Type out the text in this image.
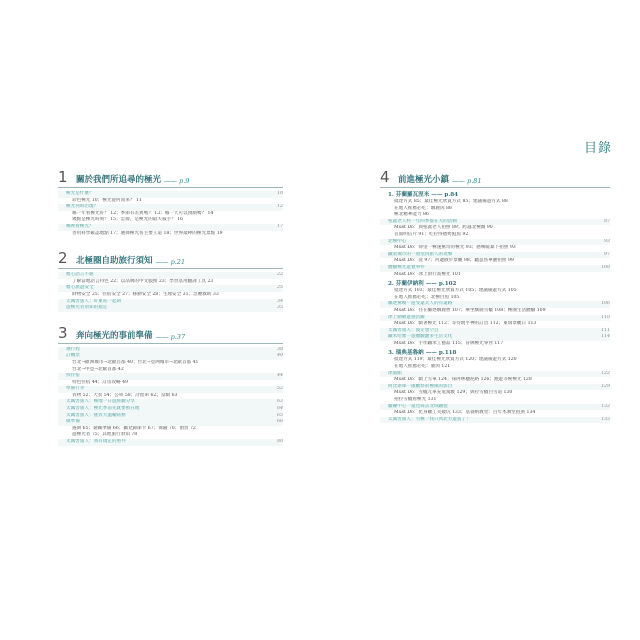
目錄
1 關於我們所追尋的極光 —— p.9
極光是什麼？	10
彩色極光 10；極光從何而來？ 11
極光何時出現？	12
哪一年看極光好？ 12；季節有差異嗎？ 13；哪一天可以預測嗎？ 14
幾點是極光時刻？ 15；雲層，是極光的最大殺手？ 16
哪裡看極光？	17
善用科學確認地點 17；選擇極光客主要王道 18；世界最棒的極光景點 19
2 北極圈自助旅行須知 —— p.21
擔心語言不通	22
了解當地語言特色 22；以品牌的中文服務 23；學習基用翻譯工具 23
擔心旅遊安全	25
財物安全 25；住宿安全 27；移動安全 28；生理安全 31；急難救助 33
太厲害旅人：好東站一起研	34
遊極光者須知的規定	35
3 奔向極光的事前準備 —— p.37
選行程	38
訂機票	40
台北→歐洲城市→北歐首都 40；台北→亞洲城市→北歐首都 41
台北→中亞→北歐首都 42
找住宿	44
特色住宿 44；訂房攻略 49
準備行李	52
衣物 52；大衣 54；公車 58；計程車 62；當騎 63
太厲害旅人：極地一日遊經驗分享	63
太厲害旅人：極光季前先就要被在地	64
太厲害旅人：挑衣大溫輸寫務	65
做準備	66
遇期 65；通關準備 66；攝兌卸節卡 67；保險 70；預習 72
遊極光者 75；其他旅行須知 78
太厲害旅人：我有規定的照井	80
4 前進極光小鎮 —— p.81
1. 芬蘭羅瓦涅米 —— p.84
抵達方式 85；最佳極光欣賞方式 85；建議備遊方式 88
在地人推薦必吃：馴鹿肉 88
極北精華能力 86
聖誕老人村一年四季都在大的活動	87
Must Do：與聖誕老人拍照 89；跨越北極圈 90
首面明信片 91；吃拉得德烤鮭魚 92
北極中心	93
Must Do：仰望一極速驚奇的極光 93；感嘆暖暴下拍照 93
鐵架城市的一週望四旅人的攻擊	97
Must Do：洗 97；河邊散步景觀 98；聽慧鳥華麗拍照 99
體驗極光遊覽事件	100
Must Do：冰上滑行賞極光 101
2. 芬蘭伊納利 —— p.102
抵達方式 103；最佳極光欣賞方式 105；建議備遊方式 105
在地人推薦必吃：北極白魚 105
驅逐驚喚一遊受遠太人的有遠路	106
Must Do：住在驅逐馴鹿營 107；乘坐馴鹿雪橇 108；極圈生活體驗 109
冰上動動遊感活躍	110
Must Do：騎著極光 112；等待琥平神的訂出 112；東瑞景觀日 113
太厲害旅人：波定想空自	111
鐵米哈雅一遊體驗瀝多生活文化	114
Must Do：手作鐵米工藝品 115；冒牌極光零食 117
3. 瑞典基魯納 —— p.118
抵達方式 119；最佳極光欣賞方式 120；建議備遊方式 120
在地人推薦必吃：鹿肉 121
冰旅館	122
Must Do：騎上雪車 124；探阿林穗泥路 126；跑遊等候極光 128
阿比斯庫一處觀察的極限的影白	129
Must Do：雪橇元車充電駕駛 129；與拉雪橇白雪道 130
拍拉雪橇看極光 131
驗礦中心一遠也探訪北域鐵製	132
Must Do：化身礦工笑破坑 133；基魯納教堂：百年木教堂拍照 134
太厲害旅人：雪極一我只到北方遊賞了！	135
